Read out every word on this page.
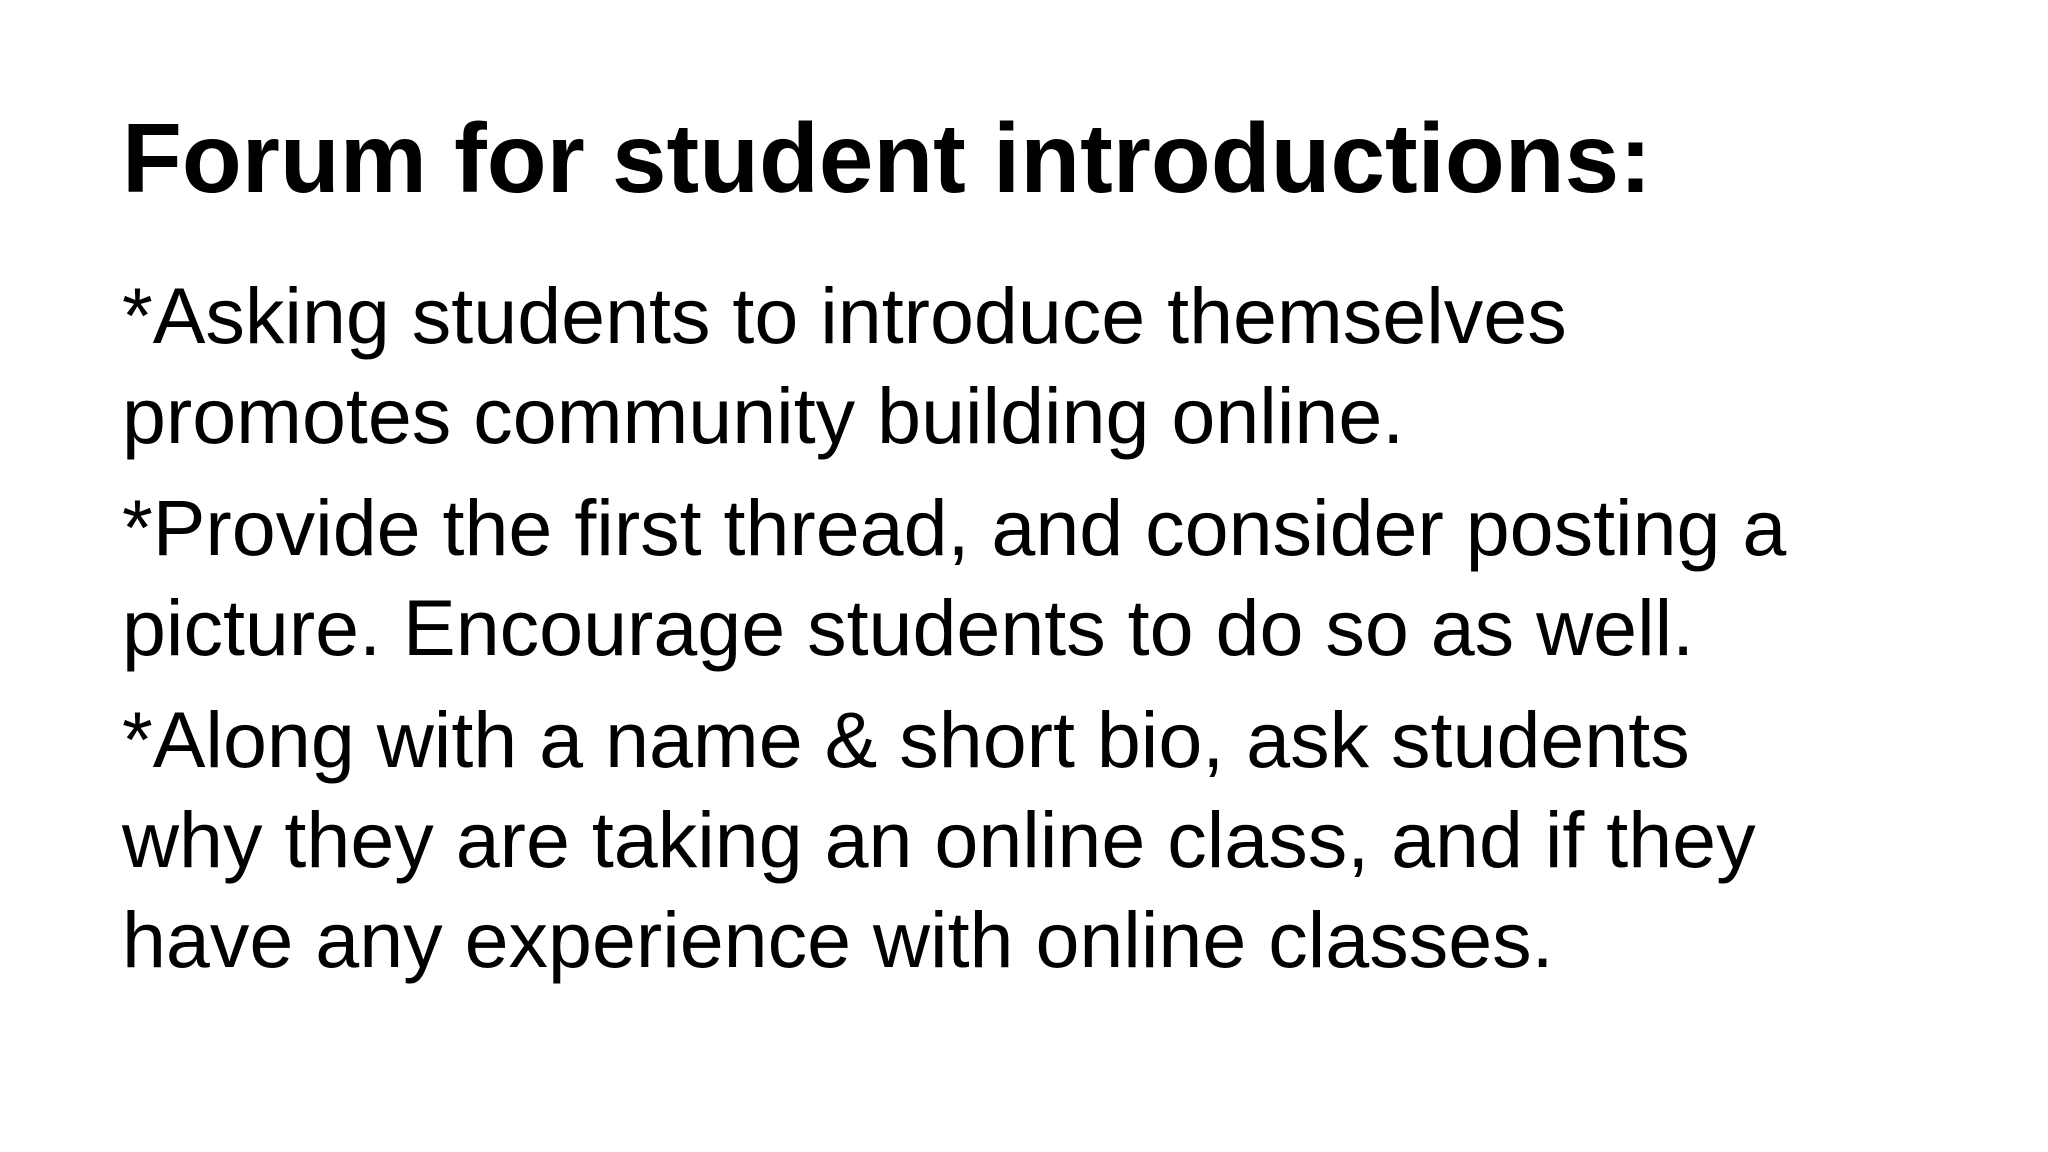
Forum for student introductions:
*Asking students to introduce themselves
promotes community building online.
*Provide the first thread, and consider posting a
picture. Encourage students to do so as well.
*Along with a name & short bio, ask students
why they are taking an online class, and if they
have any experience with online classes.
